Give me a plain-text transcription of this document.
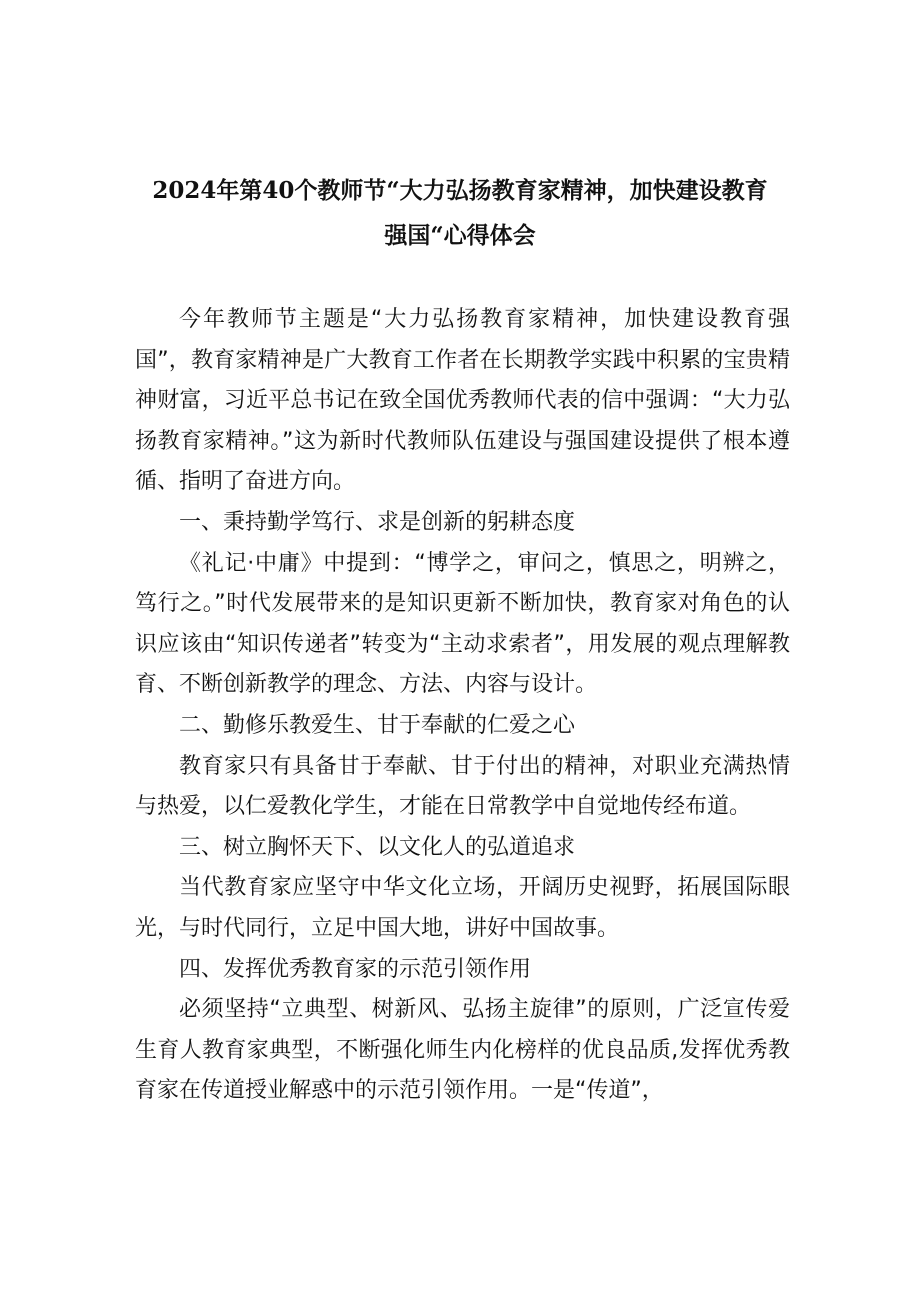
2024年第40个教师节“大力弘扬教育家精神，加快建设教育
强国“心得体会

今年教师节主题是“大力弘扬教育家精神，加快建设教育强国”，教育家精神是广大教育工作者在长期教学实践中积累的宝贵精神财富，习近平总书记在致全国优秀教师代表的信中强调：“大力弘扬教育家精神。”这为新时代教师队伍建设与强国建设提供了根本遵循、指明了奋进方向。

一、秉持勤学笃行、求是创新的躬耕态度

《礼记·中庸》中提到：“博学之，审问之，慎思之，明辨之，笃行之。”时代发展带来的是知识更新不断加快，教育家对角色的认识应该由“知识传递者”转变为“主动求索者”，用发展的观点理解教育、不断创新教学的理念、方法、内容与设计。

二、勤修乐教爱生、甘于奉献的仁爱之心

教育家只有具备甘于奉献、甘于付出的精神，对职业充满热情与热爱，以仁爱教化学生，才能在日常教学中自觉地传经布道。

三、树立胸怀天下、以文化人的弘道追求

当代教育家应坚守中华文化立场，开阔历史视野，拓展国际眼光，与时代同行，立足中国大地，讲好中国故事。

四、发挥优秀教育家的示范引领作用

必须坚持“立典型、树新风、弘扬主旋律”的原则，广泛宣传爱生育人教育家典型，不断强化师生内化榜样的优良品质,发挥优秀教育家在传道授业解惑中的示范引领作用。一是“传道”，
